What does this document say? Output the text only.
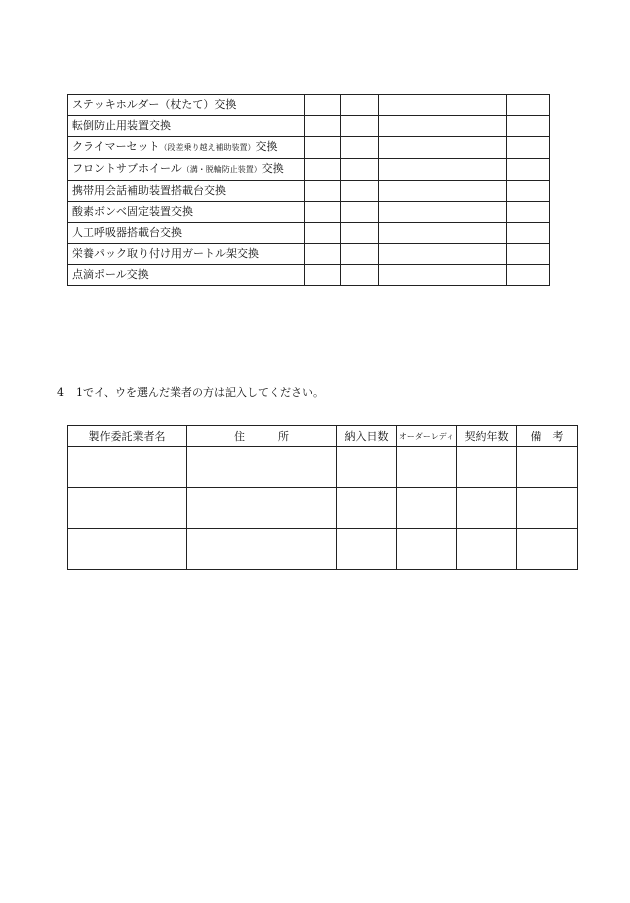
ステッキホルダー（杖たて）交換				
転倒防止用装置交換				
クライマーセット（段差乗り越え補助装置）交換				
フロントサブホイール（溝・脱輪防止装置）交換				
携帯用会話補助装置搭載台交換				
酸素ボンベ固定装置交換				
人工呼吸器搭載台交換				
栄養パック取り付け用ガートル架交換				
点滴ポール交換				
4 1でイ、ウを選んだ業者の方は記入してください。
製作委託業者名	住　　　所	納入日数	オーダーレディ	契約年数	備　考
